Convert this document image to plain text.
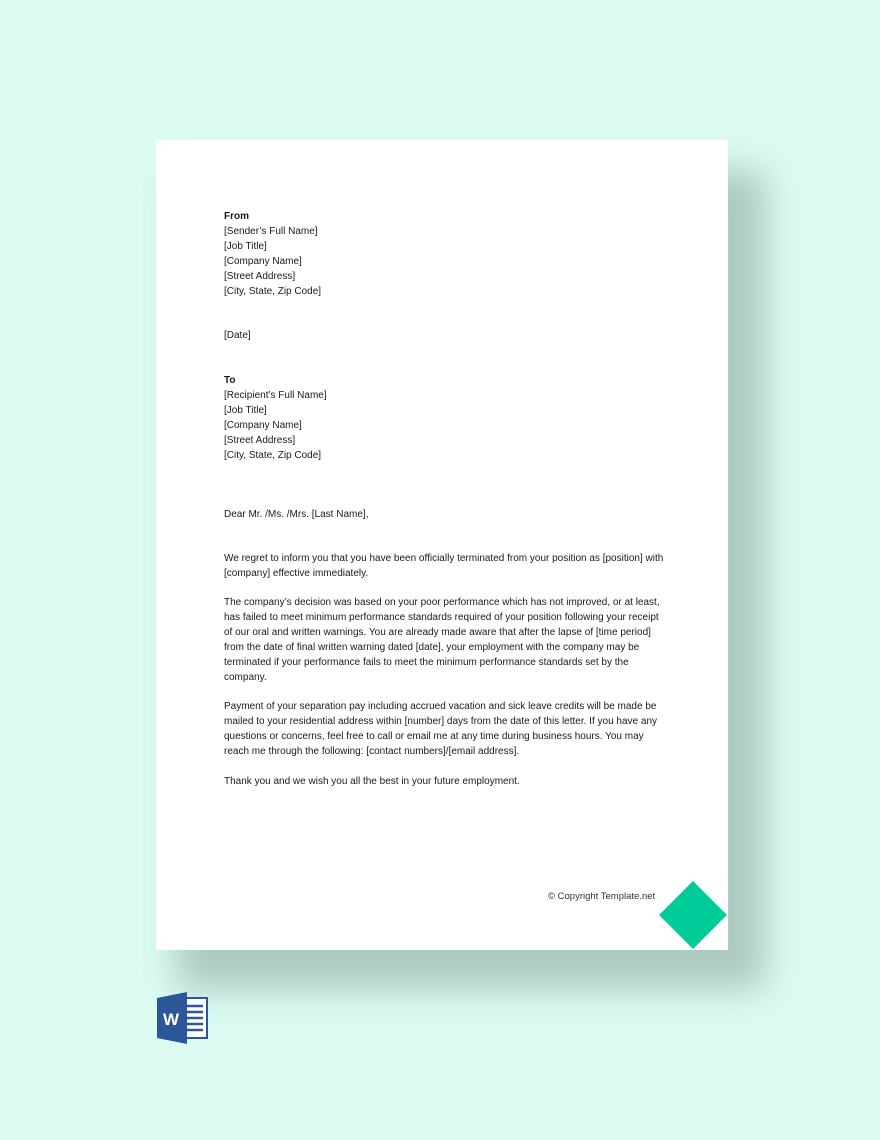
From
[Sender’s Full Name]
[Job Title]
[Company Name]
[Street Address]
[City, State, Zip Code]
[Date]
To
[Recipient’s Full Name]
[Job Title]
[Company Name]
[Street Address]
[City, State, Zip Code]
Dear Mr. /Ms. /Mrs. [Last Name],

We regret to inform you that you have been officially terminated from your position as [position] with [company] effective immediately.

The company’s decision was based on your poor performance which has not improved, or at least, has failed to meet minimum performance standards required of your position following your receipt of our oral and written warnings. You are already made aware that after the lapse of [time period] from the date of final written warning dated [date], your employment with the company may be terminated if your performance fails to meet the minimum performance standards set by the company.

Payment of your separation pay including accrued vacation and sick leave credits will be made be mailed to your residential address within [number] days from the date of this letter. If you have any questions or concerns, feel free to call or email me at any time during business hours. You may reach me through the following: [contact numbers]/[email address].

Thank you and we wish you all the best in your future employment.

© Copyright Template.net
W
